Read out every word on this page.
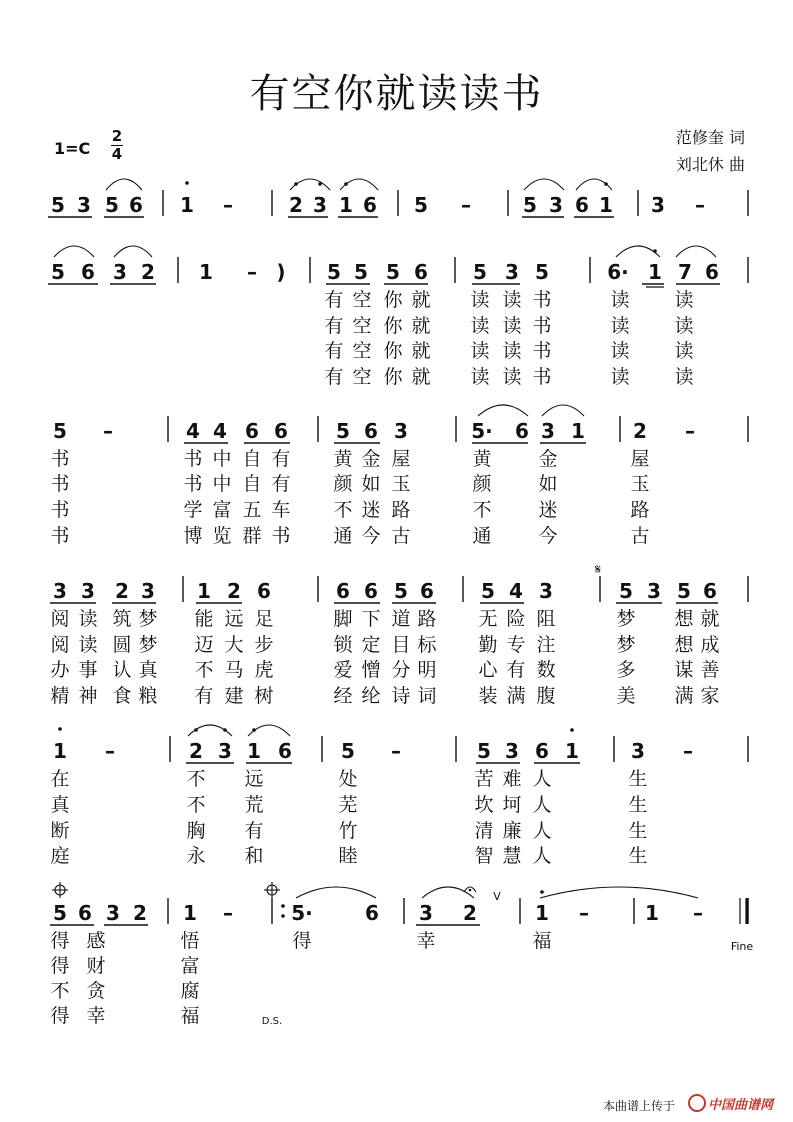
有空你就读读书
1=C
2
4
范修奎 词
刘北休 曲
5 3 5 6 1 –	2 3 1 6 5 –	5 3 6 1 3 –
5 6 3 2 1 – ) 5 5 5 6 5 3 5	6· 1 7 6
有 空 你 就 读 读 书	读 读
有 空 你 就 读 读 书	读 读
有 空 你 就 读 读 书	读 读
有 空 你 就 读 读 书	读 读
5 –	4 4 6 6 5 6 3	5· 6 3 1 2 –
书	书 中 自 有 黄 金 屋	黄 金	屋
书	书 中 自 有 颜 如 玉	颜 如	玉
书	学 富 五 车 不 迷 路	不 迷	路
书	博 览 群 书 通 今 古	通 今	古
3 3 2 3 1 2 6	6 6 5 6 5 4 3	5 3 5 6
阅 读 筑 梦 能 远 足	脚 下 道 路 无 险 阻	梦 想 就
阅 读 圆 梦 迈 大 步	锁 定 目 标 勤 专 注	梦 想 成
办 事 认 真 不 马 虎	爱 憎 分 明 心 有 数	多 谋 善
精 神 食 粮 有 建 树	经 纶 诗 词 装 满 腹	美 满 家
1 –	2 3 1 6 5 –	5 3 6 1	3 –
在	不 远	处	苦 难 人	生
真	不 荒	芜	坎 坷 人	生
断	胸 有	竹	清 廉 人	生
庭	永 和	睦	智 慧 人	生
5 6 3 2 1 –	5·	6 3 2	1 –	1 –
得 感	悟	得	幸	福
得 财	富
不 贪	腐
得 幸	福
𝄋
V
Fine
D.S.
本曲谱上传于	中国曲谱网
